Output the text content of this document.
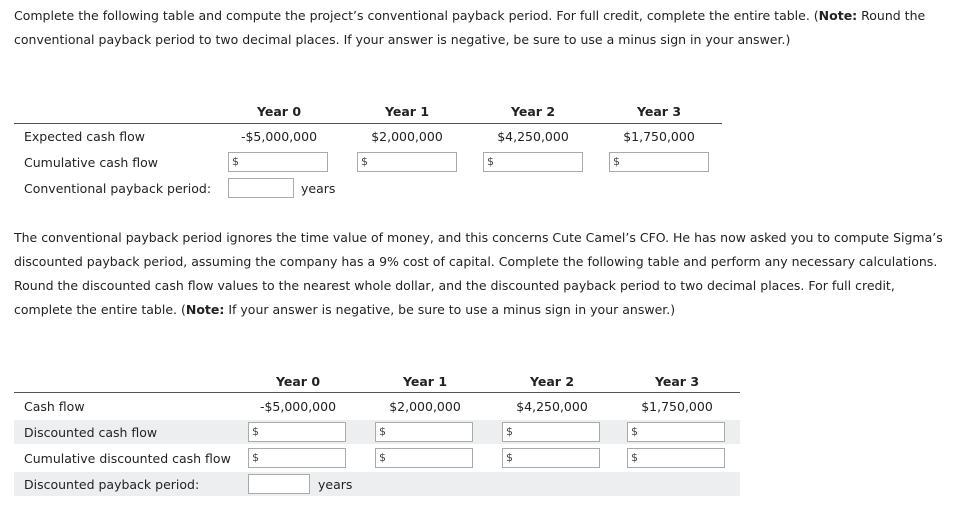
Complete the following table and compute the project’s conventional payback period. For full credit, complete the entire table. (Note: Round the conventional payback period to two decimal places. If your answer is negative, be sure to use a minus sign in your answer.)
Year 0	Year 1	Year 2	Year 3
Expected cash flow	-$5,000,000	$2,000,000	$4,250,000	$1,750,000
Cumulative cash flow	$	$	$	$
Conventional payback period:	years
The conventional payback period ignores the time value of money, and this concerns Cute Camel’s CFO. He has now asked you to compute Sigma’s discounted payback period, assuming the company has a 9% cost of capital. Complete the following table and perform any necessary calculations. Round the discounted cash flow values to the nearest whole dollar, and the discounted payback period to two decimal places. For full credit, complete the entire table. (Note: If your answer is negative, be sure to use a minus sign in your answer.)
Year 0	Year 1	Year 2	Year 3
Cash flow	-$5,000,000	$2,000,000	$4,250,000	$1,750,000
Discounted cash flow	$	$	$	$
Cumulative discounted cash flow $	$	$	$
Discounted payback period:	years
